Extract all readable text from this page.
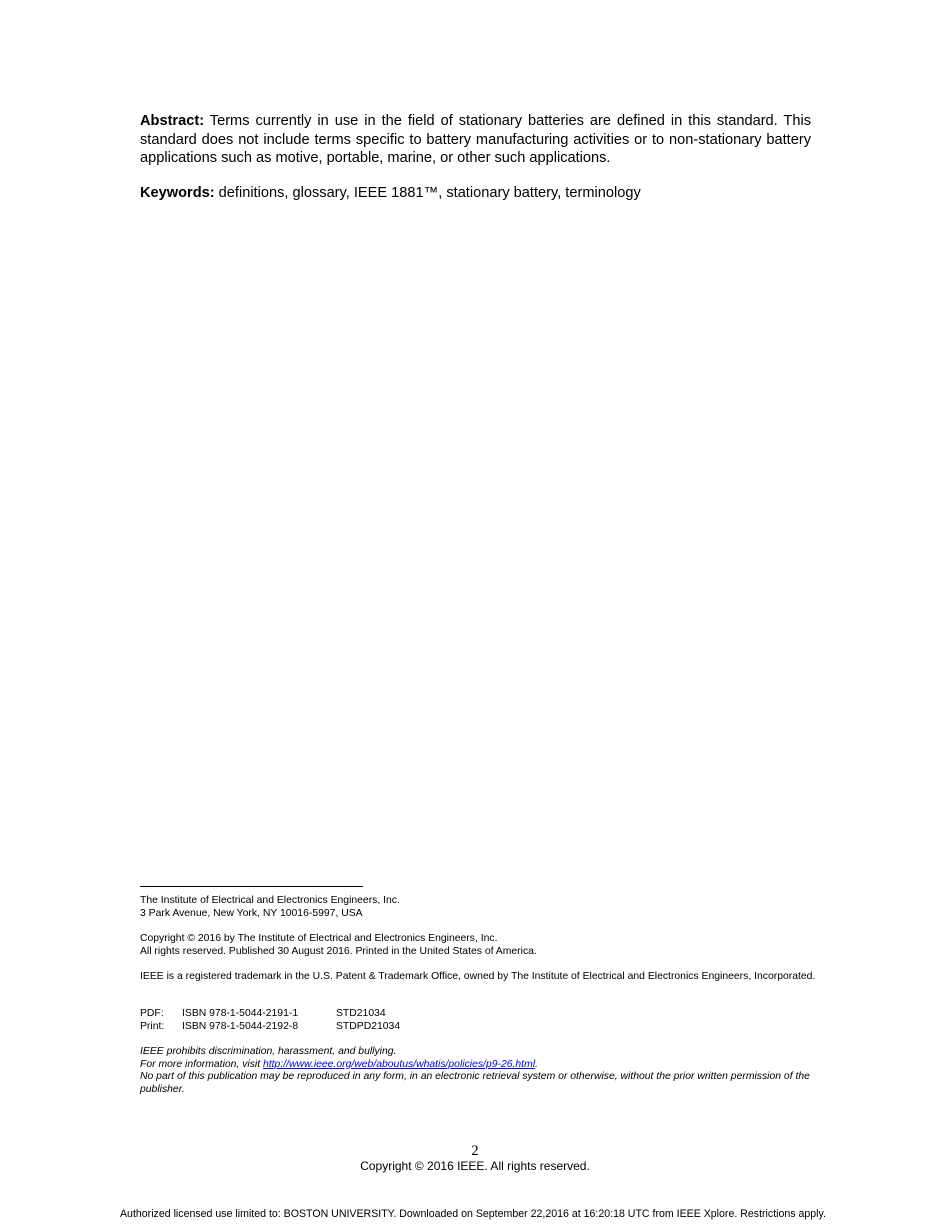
Abstract: Terms currently in use in the field of stationary batteries are defined in this standard. This standard does not include terms specific to battery manufacturing activities or to non-stationary battery applications such as motive, portable, marine, or other such applications.

Keywords: definitions, glossary, IEEE 1881™, stationary battery, terminology

The Institute of Electrical and Electronics Engineers, Inc.
3 Park Avenue, New York, NY 10016-5997, USA
Copyright © 2016 by The Institute of Electrical and Electronics Engineers, Inc.
All rights reserved. Published 30 August 2016. Printed in the United States of America.
IEEE is a registered trademark in the U.S. Patent & Trademark Office, owned by The Institute of Electrical and Electronics Engineers, Incorporated.
PDF: ISBN 978-1-5044-2191-1	STD21034
Print: ISBN 978-1-5044-2192-8	STDPD21034
IEEE prohibits discrimination, harassment, and bullying.
For more information, visit http://www.ieee.org/web/aboutus/whatis/policies/p9-26.html.
No part of this publication may be reproduced in any form, in an electronic retrieval system or otherwise, without the prior written permission of the publisher.
2
Copyright © 2016 IEEE. All rights reserved.
Authorized licensed use limited to: BOSTON UNIVERSITY. Downloaded on September 22,2016 at 16:20:18 UTC from IEEE Xplore. Restrictions apply.
